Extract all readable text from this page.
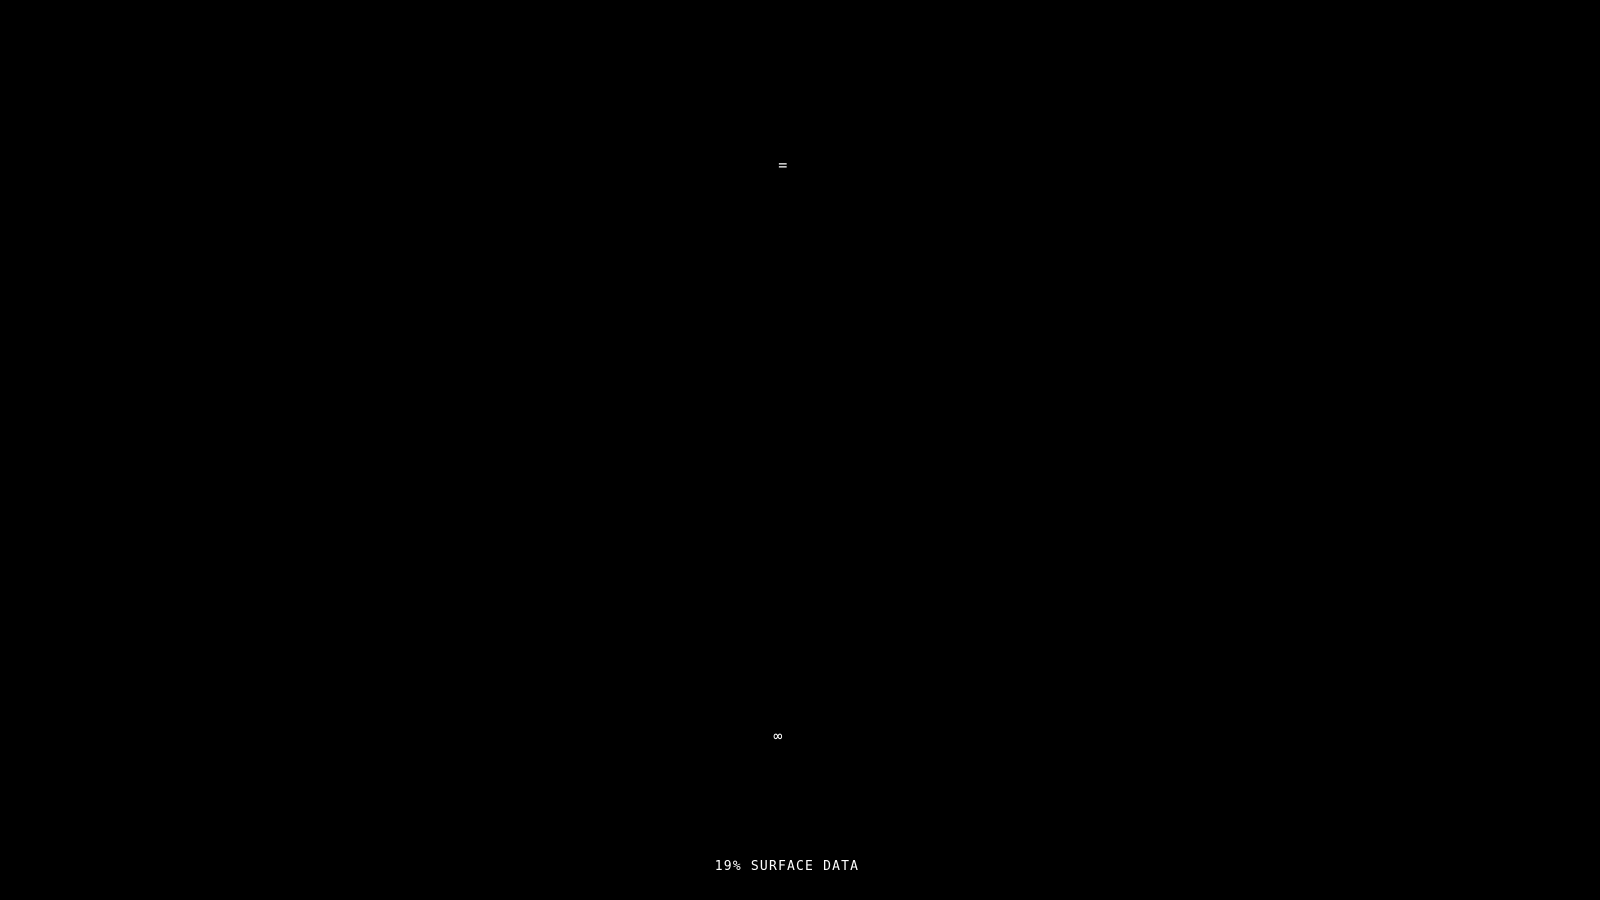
=
∞
19% SURFACE DATA
